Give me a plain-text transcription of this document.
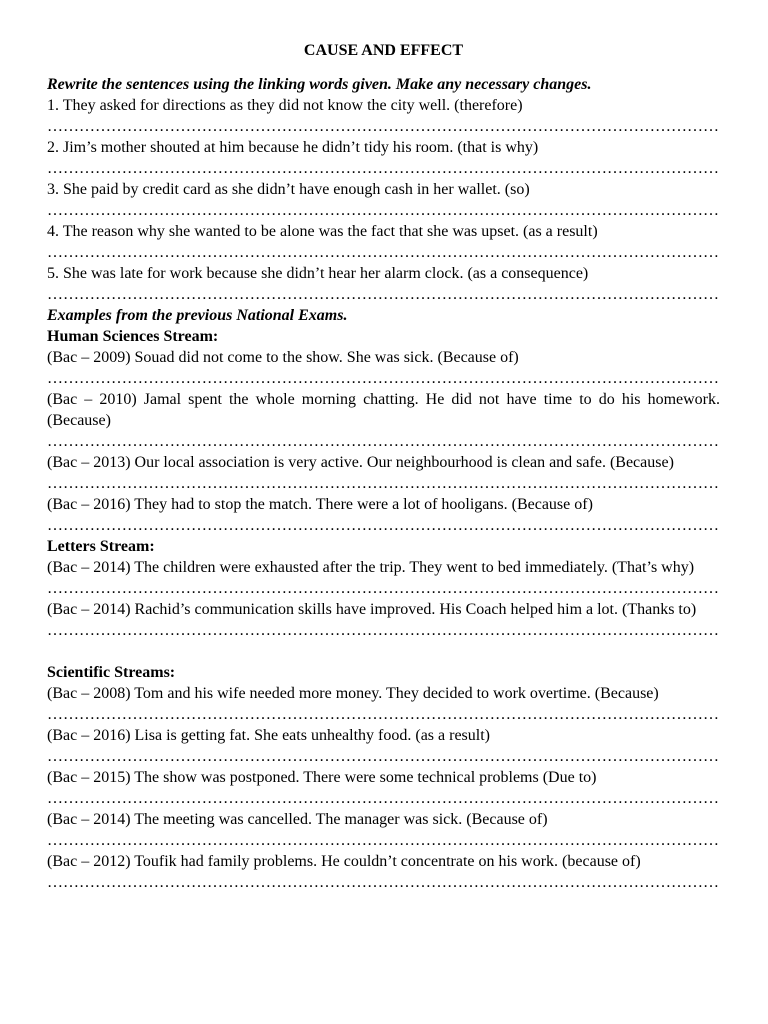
CAUSE AND EFFECT
Rewrite the sentences using the linking words given. Make any necessary changes.
1. They asked for directions as they did not know the city well. (therefore)
………………………………………………………………………………………………………………
2. Jim’s mother shouted at him because he didn’t tidy his room. (that is why)
………………………………………………………………………………………………………………
3. She paid by credit card as she didn’t have enough cash in her wallet. (so)
………………………………………………………………………………………………………………
4. The reason why she wanted to be alone was the fact that she was upset. (as a result)
………………………………………………………………………………………………………………
5. She was late for work because she didn’t hear her alarm clock. (as a consequence)
………………………………………………………………………………………………………………
Examples from the previous National Exams.
Human Sciences Stream:
(Bac – 2009) Souad did not come to the show. She was sick. (Because of)
………………………………………………………………………………………………………………
(Bac – 2010) Jamal spent the whole morning chatting. He did not have time to do his homework. (Because)
………………………………………………………………………………………………………………
(Bac – 2013) Our local association is very active. Our neighbourhood is clean and safe. (Because)
………………………………………………………………………………………………………………
(Bac – 2016) They had to stop the match. There were a lot of hooligans. (Because of)
………………………………………………………………………………………………………………
Letters Stream:
(Bac – 2014) The children were exhausted after the trip. They went to bed immediately. (That’s why)
………………………………………………………………………………………………………………
(Bac – 2014) Rachid’s communication skills have improved. His Coach helped him a lot. (Thanks to)
………………………………………………………………………………………………………………
Scientific Streams:
(Bac – 2008) Tom and his wife needed more money. They decided to work overtime. (Because)
………………………………………………………………………………………………………………
(Bac – 2016) Lisa is getting fat. She eats unhealthy food. (as a result)
………………………………………………………………………………………………………………
(Bac – 2015) The show was postponed. There were some technical problems (Due to)
………………………………………………………………………………………………………………
(Bac – 2014) The meeting was cancelled. The manager was sick. (Because of)
………………………………………………………………………………………………………………
(Bac – 2012) Toufik had family problems. He couldn’t concentrate on his work. (because of)
………………………………………………………………………………………………………………
